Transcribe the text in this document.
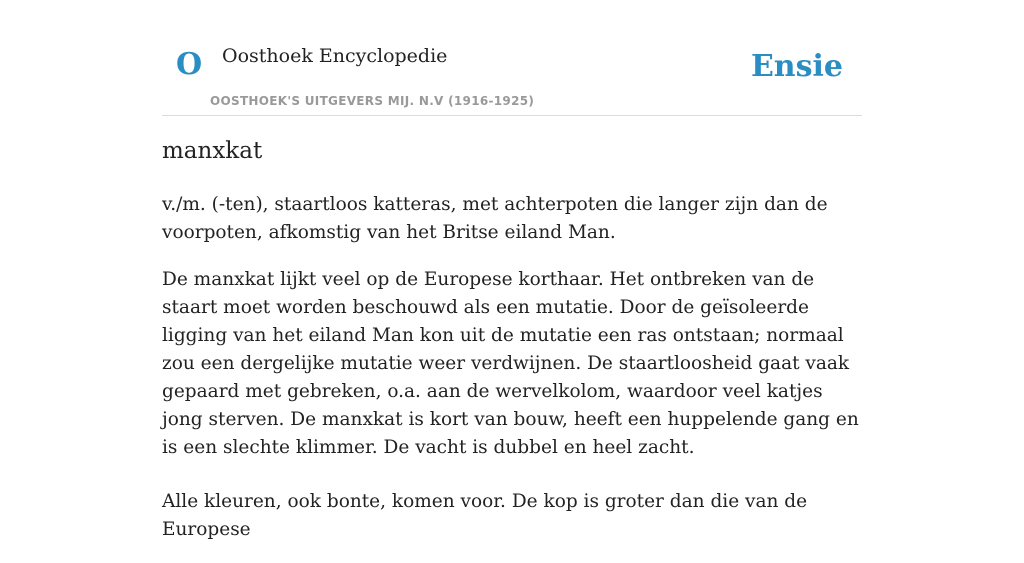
O Oosthoek Encyclopedie
OOSTHOEK'S UITGEVERS MIJ. N.V (1916-1925)
Ensie
manxkat

v./m. (-ten), staartloos katteras, met achterpoten die langer zijn dan de voorpoten, afkomstig van het Britse eiland Man.

De manxkat lijkt veel op de Europese korthaar. Het ontbreken van de staart moet worden beschouwd als een mutatie. Door de geïsoleerde ligging van het eiland Man kon uit de mutatie een ras ontstaan; normaal zou een dergelijke mutatie weer verdwijnen. De staartloosheid gaat vaak gepaard met gebreken, o.a. aan de wervelkolom, waardoor veel katjes jong sterven. De manxkat is kort van bouw, heeft een huppelende gang en is een slechte klimmer. De vacht is dubbel en heel zacht.

Alle kleuren, ook bonte, komen voor. De kop is groter dan die van de Europese
